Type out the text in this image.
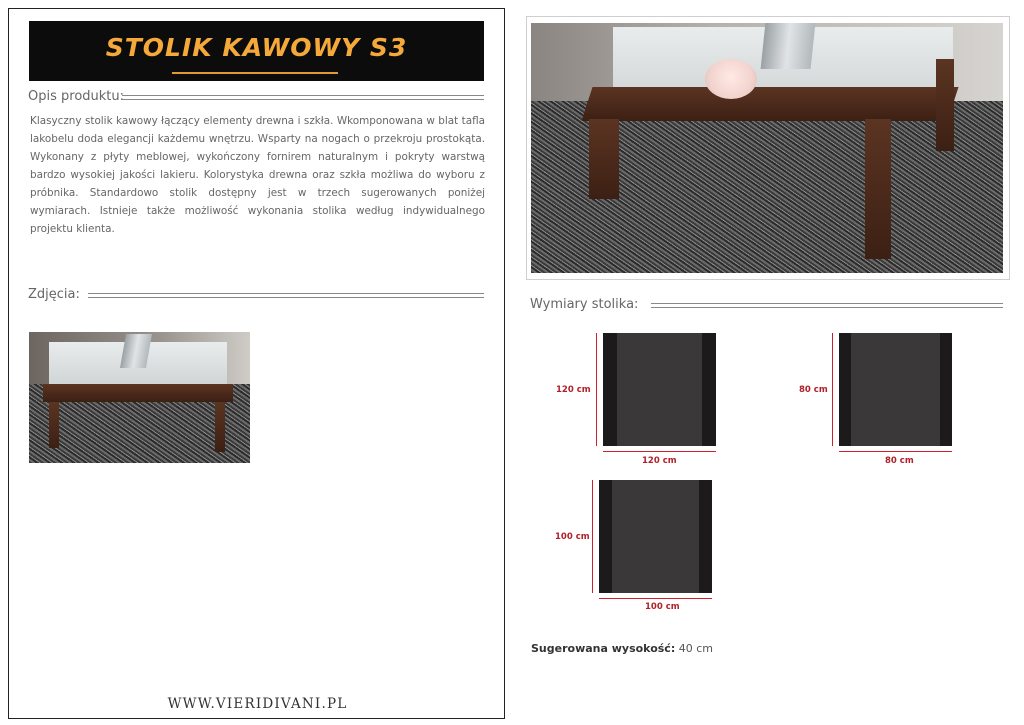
STOLIK KAWOWY S3
Opis produktu:
Klasyczny stolik kawowy łączący elementy drewna i szkła. Wkomponowana w blat tafla lakobelu doda elegancji każdemu wnętrzu. Wsparty na nogach o przekroju prostokąta. Wykonany z płyty meblowej, wykończony fornirem naturalnym i pokryty warstwą bardzo wysokiej jakości lakieru. Kolorystyka drewna oraz szkła możliwa do wyboru z próbnika. Standardowo stolik dostępny jest w trzech sugerowanych poniżej wymiarach. Istnieje także możliwość wykonania stolika według indywidualnego projektu klienta.
Zdjęcia:
WWW.VIERIDIVANI.PL
Wymiary stolika:
120 cm
120 cm
80 cm
80 cm
100 cm
100 cm
Sugerowana wysokość: 40 cm
